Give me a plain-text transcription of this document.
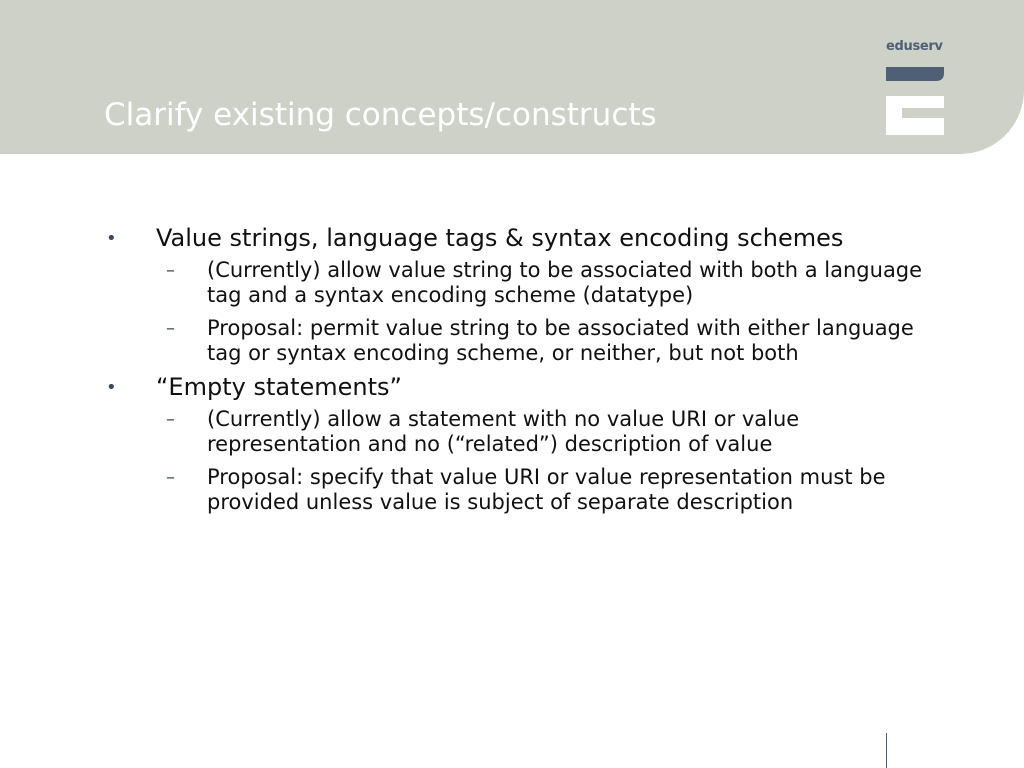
Clarify existing concepts/constructs
eduserv
• Value strings, language tags & syntax encoding schemes
– (Currently) allow value string to be associated with both a language tag and a syntax encoding scheme (datatype)
– Proposal: permit value string to be associated with either language tag or syntax encoding scheme, or neither, but not both
• “Empty statements”
– (Currently) allow a statement with no value URI or value representation and no (“related”) description of value
– Proposal: specify that value URI or value representation must be provided unless value is subject of separate description
